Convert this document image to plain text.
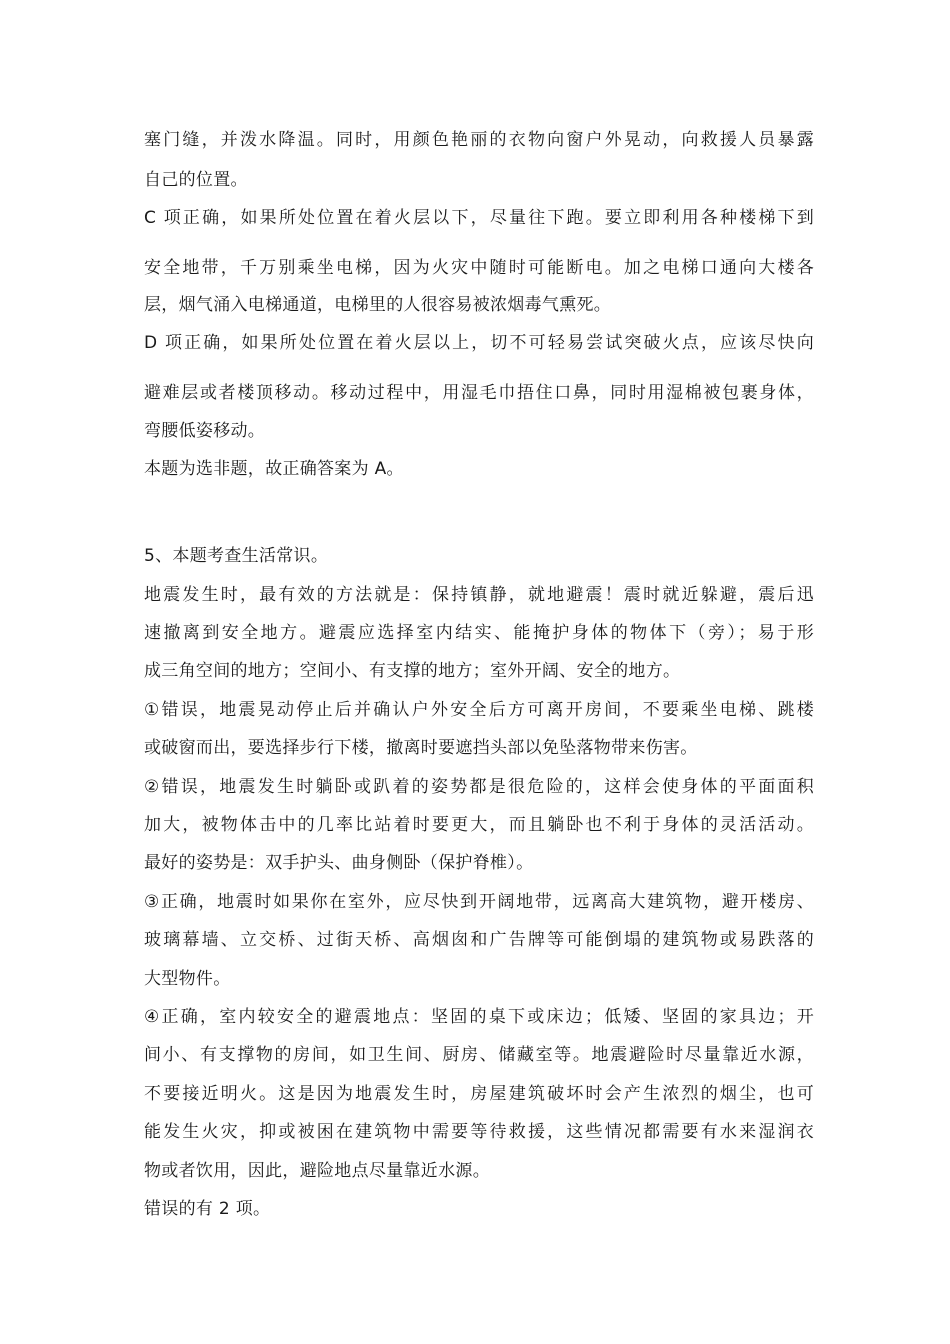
塞门缝，并泼水降温。同时，用颜色艳丽的衣物向窗户外晃动，向救援人员暴露
自己的位置。
C 项正确，如果所处位置在着火层以下，尽量往下跑。要立即利用各种楼梯下到
安全地带，千万别乘坐电梯，因为火灾中随时可能断电。加之电梯口通向大楼各
层，烟气涌入电梯通道，电梯里的人很容易被浓烟毒气熏死。
D 项正确，如果所处位置在着火层以上，切不可轻易尝试突破火点，应该尽快向
避难层或者楼顶移动。移动过程中，用湿毛巾捂住口鼻，同时用湿棉被包裹身体，
弯腰低姿移动。
本题为选非题，故正确答案为 A。
5、本题考查生活常识。
地震发生时，最有效的方法就是：保持镇静，就地避震！震时就近躲避，震后迅
速撤离到安全地方。避震应选择室内结实、能掩护身体的物体下（旁）；易于形
成三角空间的地方；空间小、有支撑的地方；室外开阔、安全的地方。
①错误，地震晃动停止后并确认户外安全后方可离开房间，不要乘坐电梯、跳楼
或破窗而出，要选择步行下楼，撤离时要遮挡头部以免坠落物带来伤害。
②错误，地震发生时躺卧或趴着的姿势都是很危险的，这样会使身体的平面面积
加大，被物体击中的几率比站着时要更大，而且躺卧也不利于身体的灵活活动。
最好的姿势是：双手护头、曲身侧卧（保护脊椎）。
③正确，地震时如果你在室外，应尽快到开阔地带，远离高大建筑物，避开楼房、
玻璃幕墙、立交桥、过街天桥、高烟囱和广告牌等可能倒塌的建筑物或易跌落的
大型物件。
④正确，室内较安全的避震地点：坚固的桌下或床边；低矮、坚固的家具边；开
间小、有支撑物的房间，如卫生间、厨房、储藏室等。地震避险时尽量靠近水源，
不要接近明火。这是因为地震发生时，房屋建筑破坏时会产生浓烈的烟尘，也可
能发生火灾，抑或被困在建筑物中需要等待救援，这些情况都需要有水来湿润衣
物或者饮用，因此，避险地点尽量靠近水源。
错误的有 2 项。
